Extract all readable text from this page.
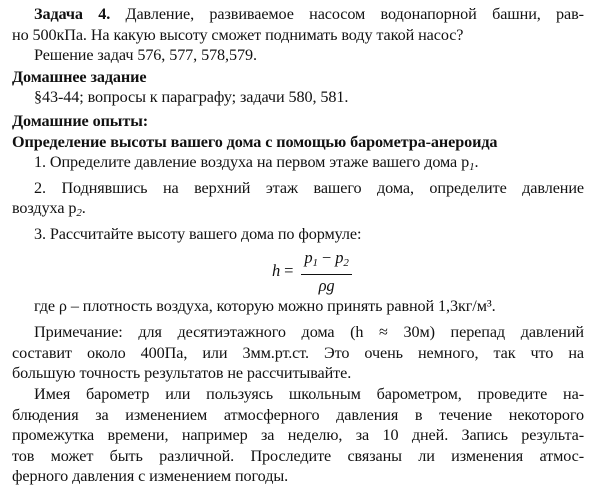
Задача 4. Давление, развиваемое насосом водонапорной башни, рав-

но 500кПа. На какую высоту сможет поднимать воду такой насос?

Решение задач 576, 577, 578,579.

Домашнее задание

§43-44; вопросы к параграфу; задачи 580, 581.

Домашние опыты:

Определение высоты вашего дома с помощью барометра-анероида

1. Определите давление воздуха на первом этаже вашего дома $p_1$.

2. Поднявшись на верхний этаж вашего дома, определите давление

воздуха $p_2$.

3. Рассчитайте высоту вашего дома по формуле:

$h = \frac{p_1 - p_2}{\rho g}$

где ρ – плотность воздуха, которую можно принять равной 1,3кг/м³.

Примечание: для десятиэтажного дома (h ≈ 30м) перепад давлений

составит около 400Па, или 3мм.рт.ст. Это очень немного, так что на

большую точность результатов не рассчитывайте.

Имея барометр или пользуясь школьным барометром, проведите на-

блюдения за изменением атмосферного давления в течение некоторого

промежутка времени, например за неделю, за 10 дней. Запись результа-

тов может быть различной. Проследите связаны ли изменения атмос-

ферного давления с изменением погоды.
